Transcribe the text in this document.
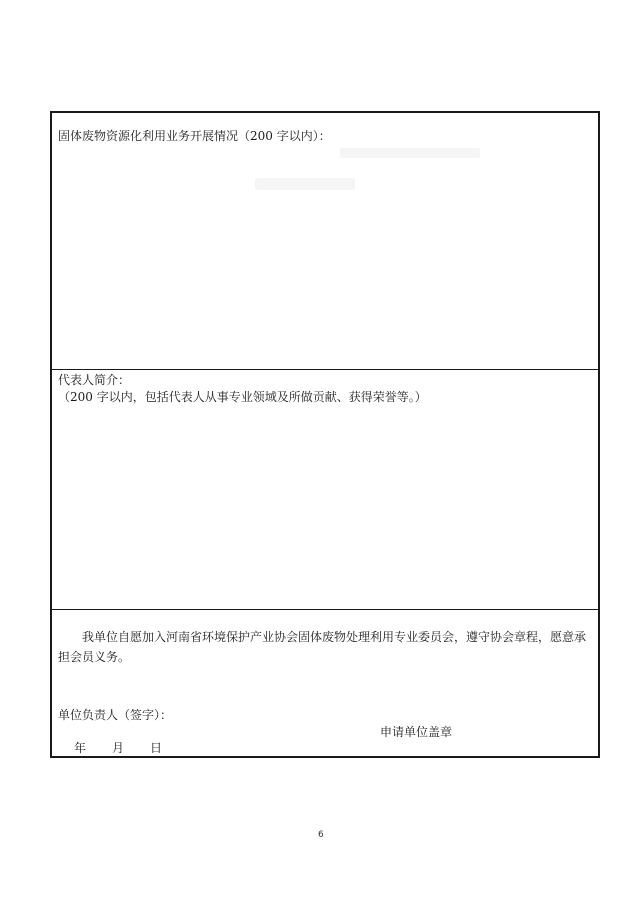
固体废物资源化利用业务开展情况（200 字以内）：
代表人简介：
（200 字以内，包括代表人从事专业领域及所做贡献、获得荣誉等。）
我单位自愿加入河南省环境保护产业协会固体废物处理利用专业委员会，遵守协会章程，愿意承担会员义务。
单位负责人（签字）：
申请单位盖章
年 月 日
6
